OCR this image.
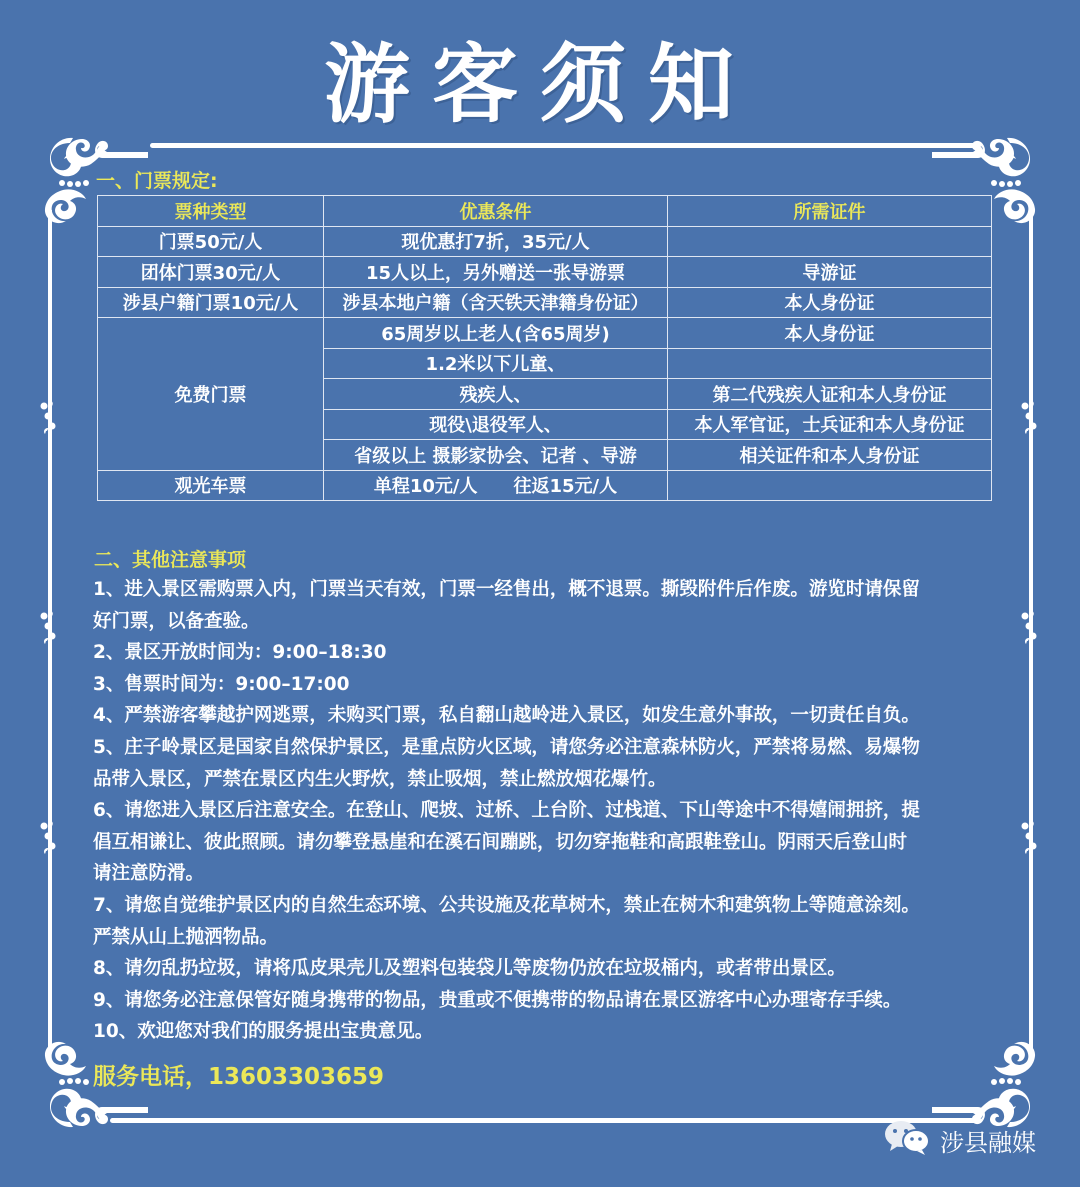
游客须知
一、门票规定:
票种类型	优惠条件	所需证件
门票50元/人	现优惠打7折，35元/人	
团体门票30元/人	15人以上，另外赠送一张导游票	导游证
涉县户籍门票10元/人	涉县本地户籍（含天铁天津籍身份证）	本人身份证
免费门票	65周岁以上老人(含65周岁)	本人身份证
	1.2米以下儿童、	
	残疾人、	第二代残疾人证和本人身份证
	现役\退役军人、	本人军官证，士兵证和本人身份证
	省级以上 摄影家协会、记者 、导游	相关证件和本人身份证
观光车票	单程10元/人　　往返15元/人	
二、其他注意事项

1、进入景区需购票入内，门票当天有效，门票一经售出，概不退票。撕毁附件后作废。游览时请保留

好门票，以备查验。

2、景区开放时间为：9:00–18:30

3、售票时间为：9:00–17:00

4、严禁游客攀越护网逃票，未购买门票，私自翻山越岭进入景区，如发生意外事故，一切责任自负。

5、庄子岭景区是国家自然保护景区，是重点防火区域，请您务必注意森林防火，严禁将易燃、易爆物

品带入景区，严禁在景区内生火野炊，禁止吸烟，禁止燃放烟花爆竹。

6、请您进入景区后注意安全。在登山、爬坡、过桥、上台阶、过栈道、下山等途中不得嬉闹拥挤，提

倡互相谦让、彼此照顾。请勿攀登悬崖和在溪石间蹦跳，切勿穿拖鞋和高跟鞋登山。阴雨天后登山时

请注意防滑。

7、请您自觉维护景区内的自然生态环境、公共设施及花草树木，禁止在树木和建筑物上等随意涂刻。

严禁从山上抛洒物品。

8、请勿乱扔垃圾，请将瓜皮果壳儿及塑料包装袋儿等废物仍放在垃圾桶内，或者带出景区。

9、请您务必注意保管好随身携带的物品，贵重或不便携带的物品请在景区游客中心办理寄存手续。

10、欢迎您对我们的服务提出宝贵意见。

服务电话，13603303659
涉县融媒
